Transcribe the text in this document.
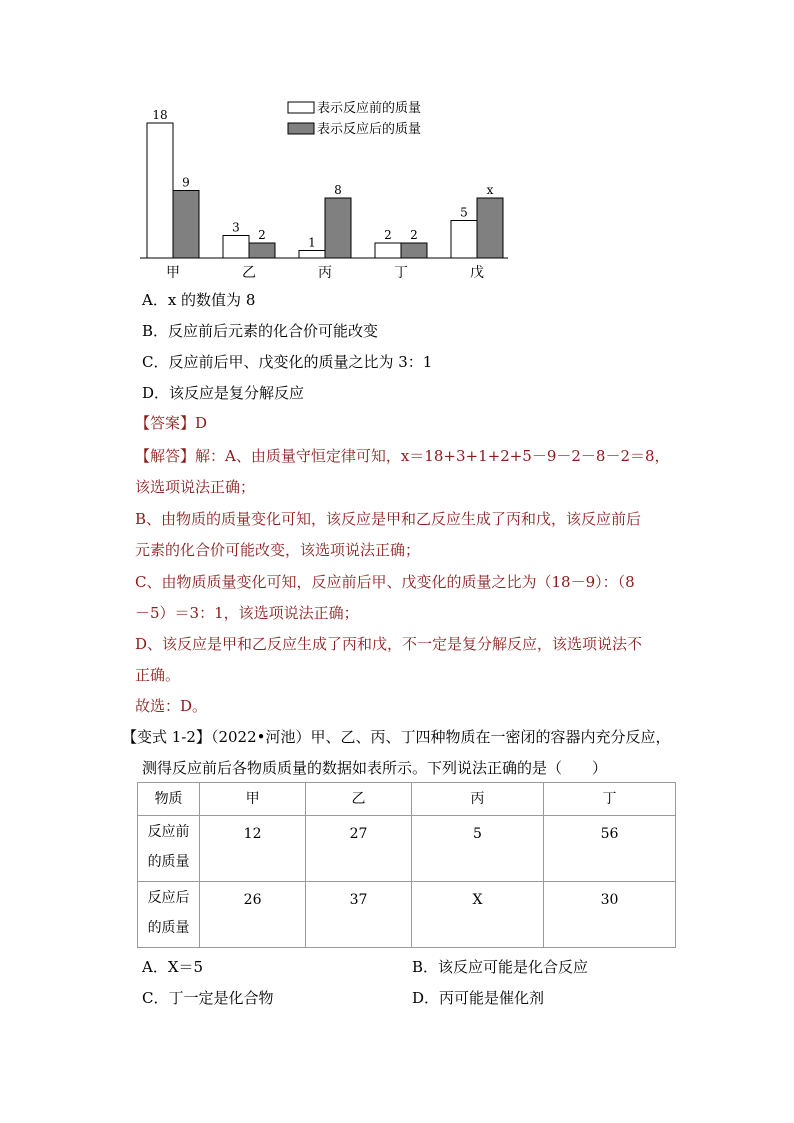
18
9
3
2
1
8
2 2
5
x
甲	乙	丙	丁	戊
表示反应前的质量
表示反应后的质量
A．x 的数值为 8
B．反应前后元素的化合价可能改变
C．反应前后甲、戊变化的质量之比为 3：1
D．该反应是复分解反应
【答案】D
【解答】解：A、由质量守恒定律可知，x＝18+3+1+2+5－9－2－8－2＝8，
该选项说法正确；
B、由物质的质量变化可知，该反应是甲和乙反应生成了丙和戊，该反应前后
元素的化合价可能改变，该选项说法正确；
C、由物质质量变化可知，反应前后甲、戊变化的质量之比为（18－9）：（8
－5）＝3：1，该选项说法正确；
D、该反应是甲和乙反应生成了丙和戊，不一定是复分解反应，该选项说法不
正确。
故选：D。
【变式 1-2】（2022•河池）甲、乙、丙、丁四种物质在一密闭的容器内充分反应，
测得反应前后各物质质量的数据如表所示。下列说法正确的是（　　）
物质	甲	乙	丙	丁

反应前
的质量	12	27	5	56

反应后
的质量	26	37	X	30
A．X＝5	B．该反应可能是化合反应
C．丁一定是化合物	D．丙可能是催化剂
